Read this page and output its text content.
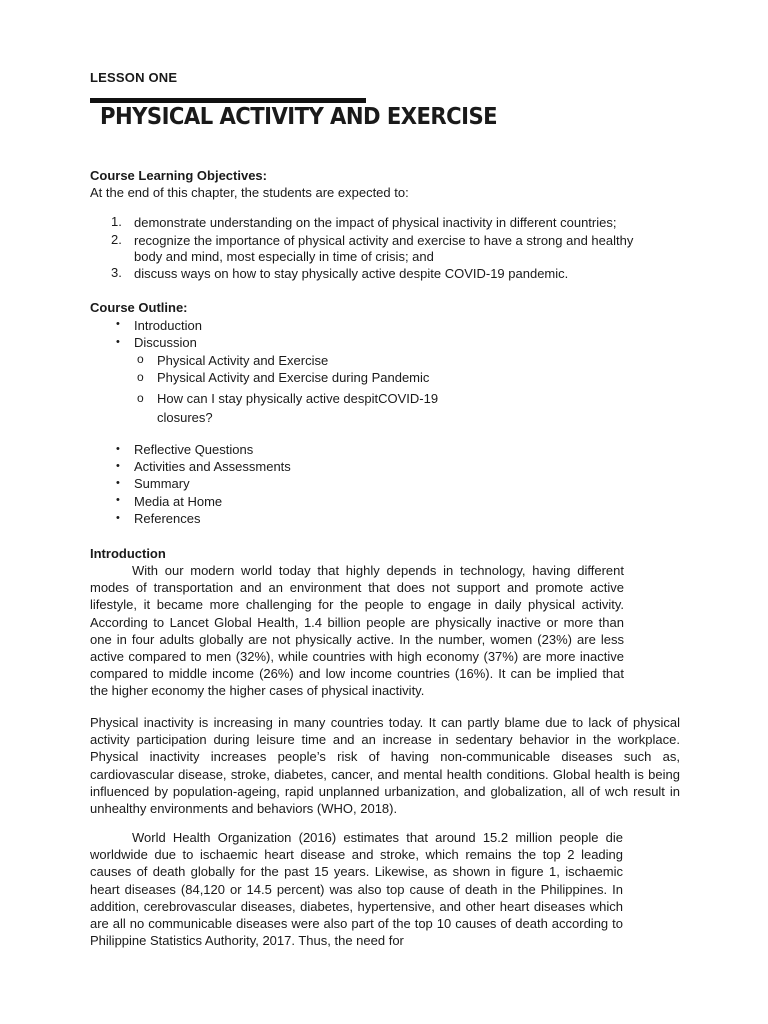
LESSON ONE
PHYSICAL ACTIVITY AND EXERCISE
Course Learning Objectives:
At the end of this chapter, the students are expected to:
1. demonstrate understanding on the impact of physical inactivity in different countries;
2. recognize the importance of physical activity and exercise to have a strong and healthy
body and mind, most especially in time of crisis; and
3. discuss ways on how to stay physically active despite COVID-19 pandemic.
Course Outline:
• Introduction
• Discussion
o Physical Activity and Exercise
o Physical Activity and Exercise during Pandemic
o How can I stay physically active despitCOVID-19
closures?
• Reflective Questions
• Activities and Assessments
• Summary
• Media at Home
• References
Introduction

With our modern world today that highly depends in technology, having different modes of transportation and an environment that does not support and promote active lifestyle, it became more challenging for the people to engage in daily physical activity. According to Lancet Global Health, 1.4 billion people are physically inactive or more than one in four adults globally are not physically active. In the number, women (23%) are less active compared to men (32%), while countries with high economy (37%) are more inactive compared to middle income (26%) and low income countries (16%). It can be implied that the higher economy the higher cases of physical inactivity.

Physical inactivity is increasing in many countries today. It can partly blame due to lack of physical activity participation during leisure time and an increase in sedentary behavior in the workplace. Physical inactivity increases people’s risk of having non-communicable diseases such as, cardiovascular disease, stroke, diabetes, cancer, and mental health conditions. Global health is being influenced by population-ageing, rapid unplanned urbanization, and globalization, all of wch result in unhealthy environments and behaviors (WHO, 2018).

World Health Organization (2016) estimates that around 15.2 million people die worldwide due to ischaemic heart disease and stroke, which remains the top 2 leading causes of death globally for the past 15 years. Likewise, as shown in figure 1, ischaemic heart diseases (84,120 or 14.5 percent) was also top cause of death in the Philippines. In addition, cerebrovascular diseases, diabetes, hypertensive, and other heart diseases which are all no communicable diseases were also part of the top 10 causes of death according to Philippine Statistics Authority, 2017. Thus, the need for
